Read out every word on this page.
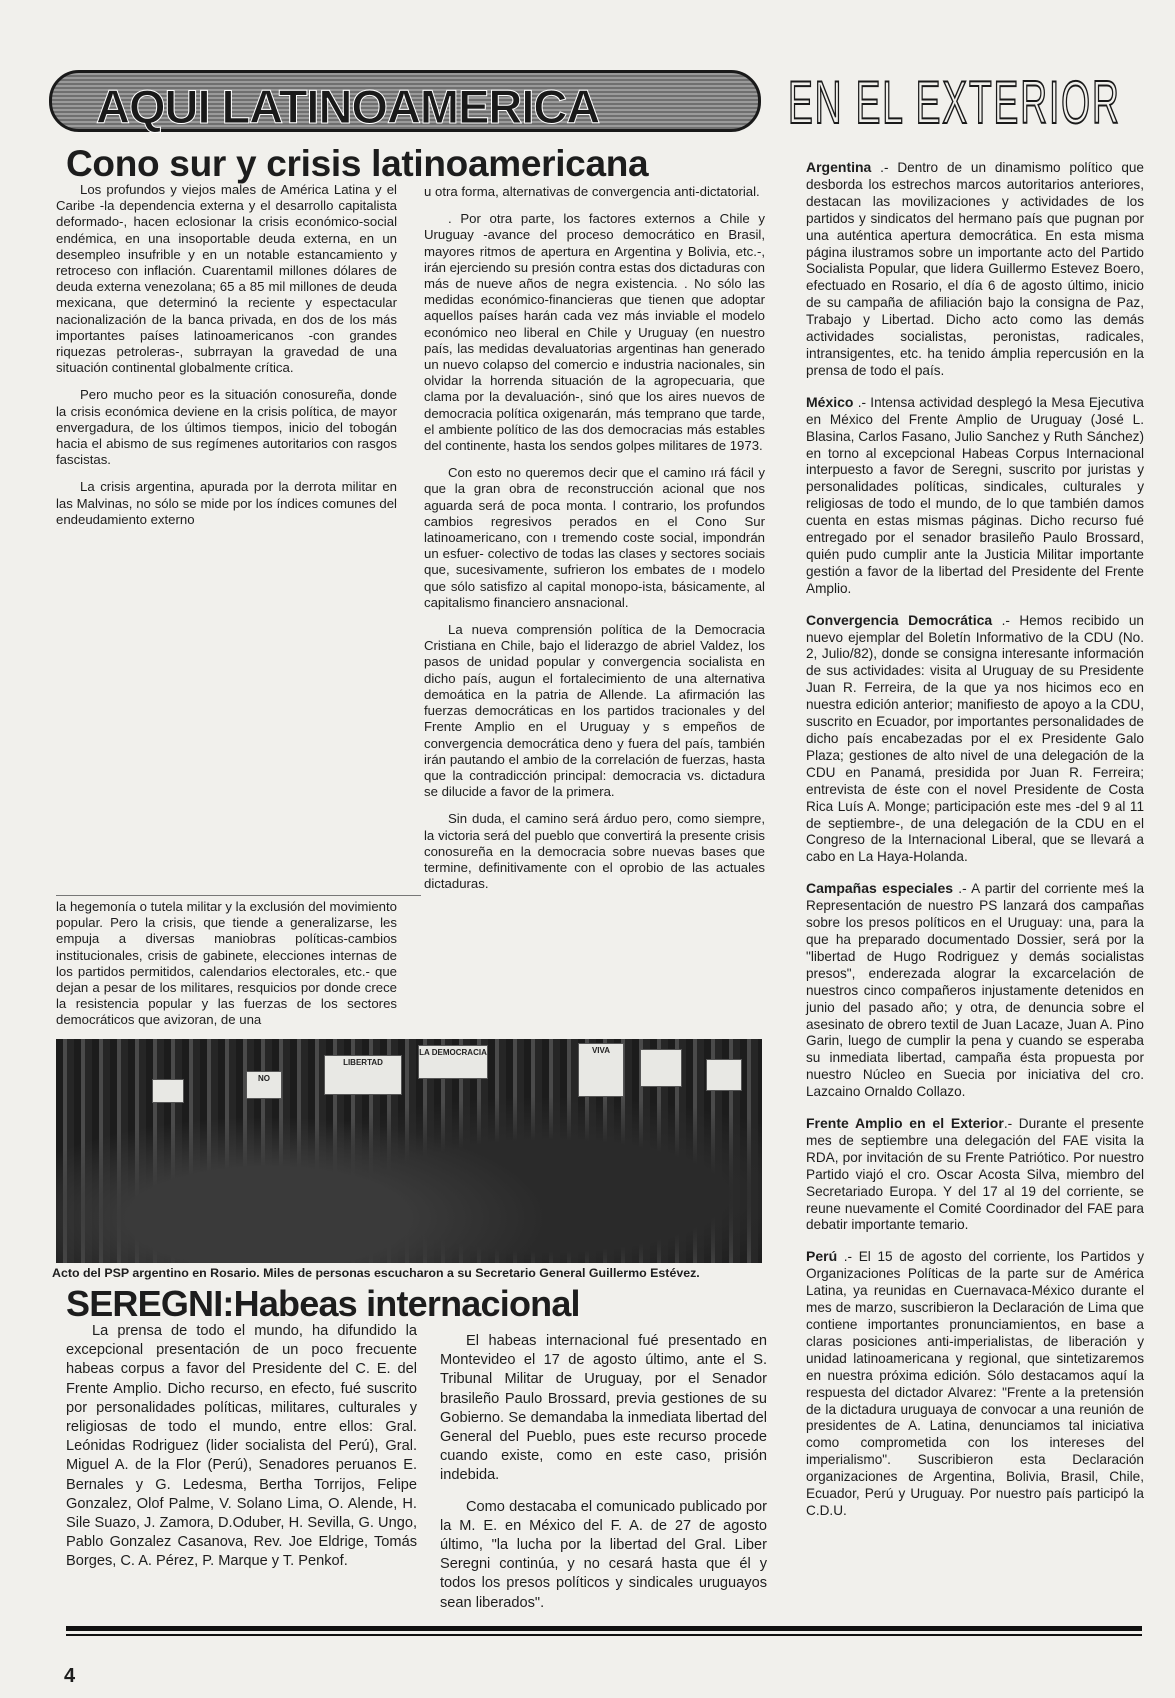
AQUI LATINOAMERICA	EN EL EXTERIOR
Cono sur y crisis latinoamericana

Los profundos y viejos males de América Latina y el Caribe -la dependencia externa y el desarrollo capitalista deformado-, hacen eclosionar la crisis económico-social endémica, en una insoportable deuda externa, en un desempleo insufrible y en un notable estancamiento y retroceso con inflación. Cuarentamil millones dólares de deuda externa venezolana; 65 a 85 mil millones de deuda mexicana, que determinó la reciente y espectacular nacionalización de la banca privada, en dos de los más importantes países latinoamericanos -con grandes riquezas petroleras-, subrrayan la gravedad de una situación continental globalmente crítica.

Pero mucho peor es la situación conosureña, donde la crisis económica deviene en la crisis política, de mayor envergadura, de los últimos tiempos, inicio del tobogán hacia el abismo de sus regímenes autoritarios con rasgos fascistas.

La crisis argentina, apurada por la derrota militar en las Malvinas, no sólo se mide por los índices comunes del endeudamiento externo

la hegemonía o tutela militar y la exclusión del movimiento popular. Pero la crisis, que tiende a generalizarse, les empuja a diversas maniobras políticas-cambios institucionales, crisis de gabinete, elecciones internas de los partidos permitidos, calendarios electorales, etc.- que dejan a pesar de los militares, resquicios por donde crece la resistencia popular y las fuerzas de los sectores democráticos que avizoran, de una

u otra forma, alternativas de convergencia anti-dictatorial.

. Por otra parte, los factores externos a Chile y Uruguay -avance del proceso democrático en Brasil, mayores ritmos de apertura en Argentina y Bolivia, etc.-, irán ejerciendo su presión contra estas dos dictaduras con más de nueve años de negra existencia. . No sólo las medidas económico-financieras que tienen que adoptar aquellos países harán cada vez más inviable el modelo económico neo liberal en Chile y Uruguay (en nuestro país, las medidas devaluatorias argentinas han generado un nuevo colapso del comercio e industria nacionales, sin olvidar la horrenda situación de la agropecuaria, que clama por la devaluación-, sinó que los aires nuevos de democracia política oxigenarán, más temprano que tarde, el ambiente político de las dos democracias más estables del continente, hasta los sendos golpes militares de 1973.

Con esto no queremos decir que el camino ırá fácil y que la gran obra de reconstrucción acional que nos aguarda será de poca monta. l contrario, los profundos cambios regresivos perados en el Cono Sur latinoamericano, con ı tremendo coste social, impondrán un esfuer- colectivo de todas las clases y sectores sociais que, sucesivamente, sufrieron los embates de ı modelo que sólo satisfizo al capital monopo-ista, básicamente, al capitalismo financiero ansnacional.

La nueva comprensión política de la Democracia Cristiana en Chile, bajo el liderazgo de abriel Valdez, los pasos de unidad popular y convergencia socialista en dicho país, augun el fortalecimiento de una alternativa demoática en la patria de Allende. La afirmación las fuerzas democráticas en los partidos tracionales y del Frente Amplio en el Uruguay y s empeños de convergencia democrática deno y fuera del país, también irán pautando el ambio de la correlación de fuerzas, hasta que la contradicción principal: democracia vs. dictadura se dilucide a favor de la primera.

Sin duda, el camino será árduo pero, como siempre, la victoria será del pueblo que convertirá la presente crisis conosureña en la democracia sobre nuevas bases que termine, definitivamente con el oprobio de las actuales dictaduras.

Argentina .- Dentro de un dinamismo político que desborda los estrechos marcos autoritarios anteriores, destacan las movilizaciones y actividades de los partidos y sindicatos del hermano país que pugnan por una auténtica apertura democrática. En esta misma página ilustramos sobre un importante acto del Partido Socialista Popular, que lidera Guillermo Estevez Boero, efectuado en Rosario, el día 6 de agosto último, inicio de su campaña de afiliación bajo la consigna de Paz, Trabajo y Libertad. Dicho acto como las demás actividades socialistas, peronistas, radicales, intransigentes, etc. ha tenido ámplia repercusión en la prensa de todo el país.
México .- Intensa actividad desplegó la Mesa Ejecutiva en México del Frente Amplio de Uruguay (José L. Blasina, Carlos Fasano, Julio Sanchez y Ruth Sánchez) en torno al excepcional Habeas Corpus Internacional interpuesto a favor de Seregni, suscrito por juristas y personalidades políticas, sindicales, culturales y religiosas de todo el mundo, de lo que también damos cuenta en estas mismas páginas. Dicho recurso fué entregado por el senador brasileño Paulo Brossard, quién pudo cumplir ante la Justicia Militar importante gestión a favor de la libertad del Presidente del Frente Amplio.
Convergencia Democrática .- Hemos recibido un nuevo ejemplar del Boletín Informativo de la CDU (No. 2, Julio/82), donde se consigna interesante información de sus actividades: visita al Uruguay de su Presidente Juan R. Ferreira, de la que ya nos hicimos eco en nuestra edición anterior; manifiesto de apoyo a la CDU, suscrito en Ecuador, por importantes personalidades de dicho país encabezadas por el ex Presidente Galo Plaza; gestiones de alto nivel de una delegación de la CDU en Panamá, presidida por Juan R. Ferreira; entrevista de éste con el novel Presidente de Costa Rica Luís A. Monge; participación este mes -del 9 al 11 de septiembre-, de una delegación de la CDU en el Congreso de la Internacional Liberal, que se llevará a cabo en La Haya-Holanda.
Campañas especiales .- A partir del corriente meś la Representación de nuestro PS lanzará dos campañas sobre los presos políticos en el Uruguay: una, para la que ha preparado documentado Dossier, será por la "libertad de Hugo Rodriguez y demás socialistas presos", enderezada alograr la excarcelación de nuestros cinco compañeros injustamente detenidos en junio del pasado año; y otra, de denuncia sobre el asesinato de obrero textil de Juan Lacaze, Juan A. Pino Garin, luego de cumplir la pena y cuando se esperaba su inmediata libertad, campaña ésta propuesta por nuestro Núcleo en Suecia por iniciativa del cro. Lazcaino Ornaldo Collazo.
Frente Amplio en el Exterior.- Durante el presente mes de septiembre una delegación del FAE visita la RDA, por invitación de su Frente Patriótico. Por nuestro Partido viajó el cro. Oscar Acosta Silva, miembro del Secretariado Europa. Y del 17 al 19 del corriente, se reune nuevamente el Comité Coordinador del FAE para debatir importante temario.
Perú .- El 15 de agosto del corriente, los Partidos y Organizaciones Políticas de la parte sur de América Latina, ya reunidas en Cuernavaca-México durante el mes de marzo, suscribieron la Declaración de Lima que contiene importantes pronunciamientos, en base a claras posiciones anti-imperialistas, de liberación y unidad latinoamericana y regional, que sintetizaremos en nuestra próxima edición. Sólo destacamos aquí la respuesta del dictador Alvarez: "Frente a la pretensión de la dictadura uruguaya de convocar a una reunión de presidentes de A. Latina, denunciamos tal iniciativa como comprometida con los intereses del imperialismo". Suscribieron esta Declaración organizaciones de Argentina, Bolivia, Brasil, Chile, Ecuador, Perú y Uruguay. Por nuestro país participó la C.D.U.
NO
LIBERTAD
LA DEMOCRACIA	VIVA
Acto del PSP argentino en Rosario. Miles de personas escucharon a su Secretario General Guillermo Estévez.
SEREGNI:Habeas internacional

La prensa de todo el mundo, ha difundido la excepcional presentación de un poco frecuente habeas corpus a favor del Presidente del C. E. del Frente Amplio. Dicho recurso, en efecto, fué suscrito por personalidades políticas, militares, culturales y religiosas de todo el mundo, entre ellos: Gral. Leónidas Rodriguez (lider socialista del Perú), Gral. Miguel A. de la Flor (Perú), Senadores peruanos E. Bernales y G. Ledesma, Bertha Torrijos, Felipe Gonzalez, Olof Palme, V. Solano Lima, O. Alende, H. Sile Suazo, J. Zamora, D.Oduber, H. Sevilla, G. Ungo, Pablo Gonzalez Casanova, Rev. Joe Eldrige, Tomás Borges, C. A. Pérez, P. Marque y T. Penkof.

El habeas internacional fué presentado en Montevideo el 17 de agosto último, ante el S. Tribunal Militar de Uruguay, por el Senador brasileño Paulo Brossard, previa gestiones de su Gobierno. Se demandaba la inmediata libertad del General del Pueblo, pues este recurso procede cuando existe, como en este caso, prisión indebida.

Como destacaba el comunicado publicado por la M. E. en México del F. A. de 27 de agosto último, "la lucha por la libertad del Gral. Liber Seregni continúa, y no cesará hasta que él y todos los presos políticos y sindicales uruguayos sean liberados".

4
